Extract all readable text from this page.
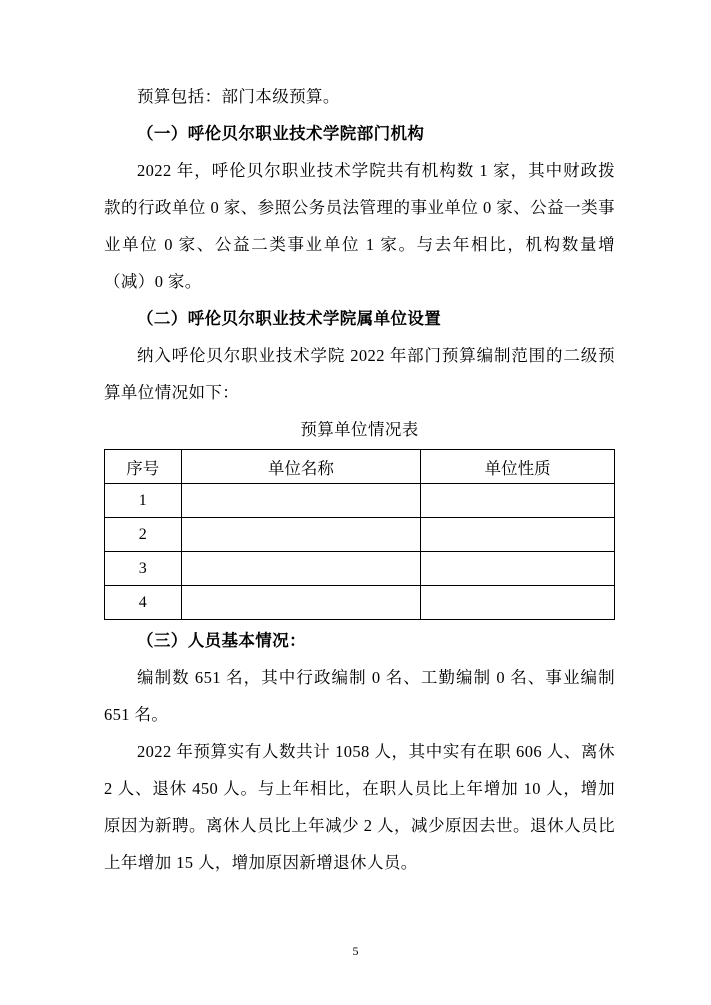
预算包括：部门本级预算。

（一）呼伦贝尔职业技术学院部门机构

2022 年，呼伦贝尔职业技术学院共有机构数 1 家，其中财政拨款的行政单位 0 家、参照公务员法管理的事业单位 0 家、公益一类事业单位 0 家、公益二类事业单位 1 家。与去年相比，机构数量增（减）0 家。

（二）呼伦贝尔职业技术学院属单位设置

纳入呼伦贝尔职业技术学院 2022 年部门预算编制范围的二级预算单位情况如下：

预算单位情况表

序号	单位名称	单位性质
1		
2		
3		
4		

（三）人员基本情况：

编制数 651 名，其中行政编制 0 名、工勤编制 0 名、事业编制 651 名。

2022 年预算实有人数共计 1058 人，其中实有在职 606 人、离休 2 人、退休 450 人。与上年相比，在职人员比上年增加 10 人，增加原因为新聘。离休人员比上年减少 2 人，减少原因去世。退休人员比上年增加 15 人，增加原因新增退休人员。

5
